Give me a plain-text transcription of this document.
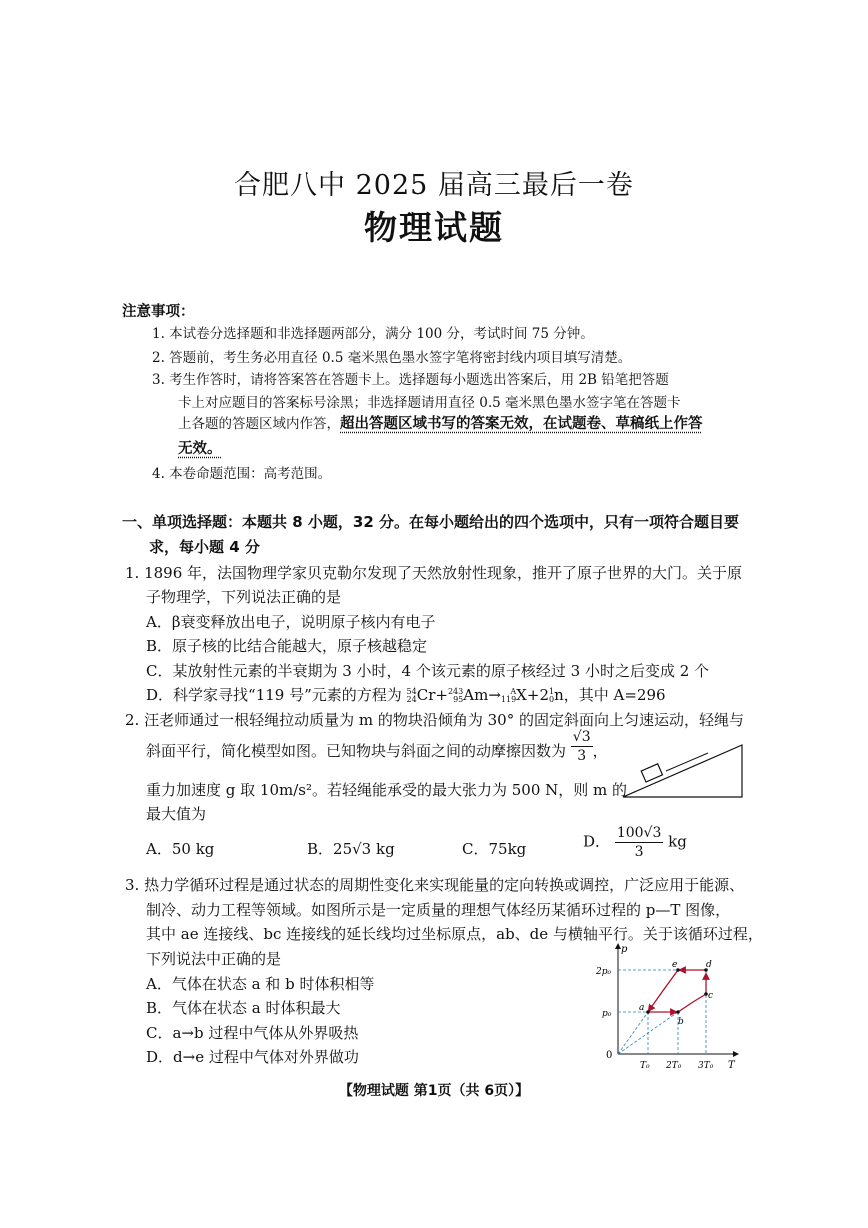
合肥八中 2025 届高三最后一卷
物理试题
注意事项：
1. 本试卷分选择题和非选择题两部分，满分 100 分，考试时间 75 分钟。
2. 答题前，考生务必用直径 0.5 毫米黑色墨水签字笔将密封线内项目填写清楚。
3. 考生作答时，请将答案答在答题卡上。选择题每小题选出答案后，用 2B 铅笔把答题
卡上对应题目的答案标号涂黑；非选择题请用直径 0.5 毫米黑色墨水签字笔在答题卡
上各题的答题区域内作答，超出答题区域书写的答案无效，在试题卷、草稿纸上作答
无效。
4. 本卷命题范围：高考范围。
一、单项选择题：本题共 8 小题，32 分。在每小题给出的四个选项中，只有一项符合题目要
求，每小题 4 分
1. 1896 年，法国物理学家贝克勒尔发现了天然放射性现象，推开了原子世界的大门。关于原
子物理学，下列说法正确的是
A．β衰变释放出电子，说明原子核内有电子
B．原子核的比结合能越大，原子核越稳定
C．某放射性元素的半衰期为 3 小时，4 个该元素的原子核经过 3 小时之后变成 2 个
D．科学家寻找“119 号”元素的方程为 54
24 Cr+ 243
95 Am→	A
119 X+2 1
0 n，其中 A=296
2. 汪老师通过一根轻绳拉动质量为 m 的物块沿倾角为 30° 的固定斜面向上匀速运动，轻绳与
斜面平行，简化模型如图。已知物块与斜面之间的动摩擦因数为 $\frac{√3}{3}$ ，
重力加速度 g 取 10m/s²。若轻绳能承受的最大张力为 500 N，则 m 的
最大值为
A．50 kg	B．25√3 kg	C．75kg	D． $\frac{100√3}{3}$ kg
3. 热力学循环过程是通过状态的周期性变化来实现能量的定向转换或调控，广泛应用于能源、
制冷、动力工程等领域。如图所示是一定质量的理想气体经历某循环过程的 p—T 图像，
其中 ae 连接线、bc 连接线的延长线均过坐标原点，ab、de 与横轴平行。关于该循环过程，
下列说法中正确的是
A．气体在状态 a 和 b 时体积相等
B．气体在状态 a 时体积最大
C．a→b 过程中气体从外界吸热
D．d→e 过程中气体对外界做功
p
T
0
2p₀
p₀
T₀ 2T₀ 3T₀
a
b
c
d
e
【物理试题 第1页（共 6页）】
